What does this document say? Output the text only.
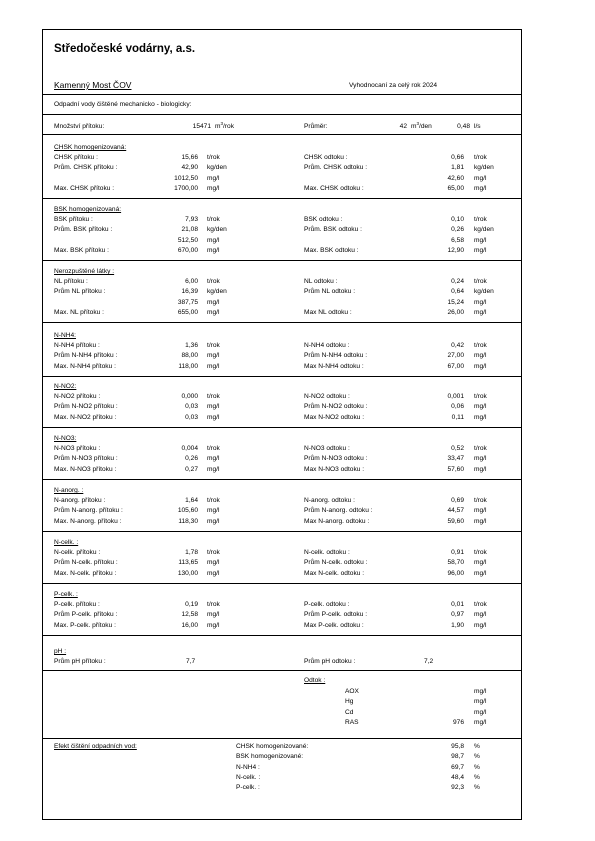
Středočeské vodárny, a.s.
Kamenný Most ČOV	Vyhodnocaní za celý rok 2024
Odpadní vody čištěné mechanicko - biologicky:
Množství přítoku:	15471 $m^3$/rok	Průměr:	42 $m^3$/den	0,48 l/s
CHSK homogenizovaná:
CHSK přítoku :	15,66 t/rok	CHSK odtoku :	0,66 t/rok
Prům. CHSK přítoku :	42,90 kg/den	Prům. CHSK odtoku :	1,81 kg/den
1012,50 mg/l	42,60 mg/l
Max. CHSK přítoku :	1700,00 mg/l	Max. CHSK odtoku :	65,00 mg/l
BSK homogenizovaná:
BSK přítoku :	7,93 t/rok	BSK odtoku :	0,10 t/rok
Prům. BSK přítoku :	21,08 kg/den	Prům. BSK odtoku :	0,26 kg/den
512,50 mg/l	6,58 mg/l
Max. BSK přítoku :	670,00 mg/l	Max. BSK odtoku :	12,90 mg/l
Nerozpuštěné látky :
NL přítoku :	6,00 t/rok	NL odtoku :	0,24 t/rok
Prům NL přítoku :	16,39 kg/den	Prům NL odtoku :	0,64 kg/den
387,75 mg/l	15,24 mg/l
Max. NL přítoku :	655,00 mg/l	Max NL odtoku :	26,00 mg/l
N-NH4:
N-NH4 přítoku :	1,36 t/rok	N-NH4 odtoku :	0,42 t/rok
Prům N-NH4 přítoku :	88,00 mg/l	Prům N-NH4 odtoku :	27,00 mg/l
Max. N-NH4 přítoku :	118,00 mg/l	Max N-NH4 odtoku :	67,00 mg/l
N-NO2:
N-NO2 přítoku :	0,000 t/rok	N-NO2 odtoku :	0,001 t/rok
Prům N-NO2 přítoku :	0,03 mg/l	Prům N-NO2 odtoku :	0,06 mg/l
Max. N-NO2 přítoku :	0,03 mg/l	Max N-NO2 odtoku :	0,11 mg/l
N-NO3:
N-NO3 přítoku :	0,004 t/rok	N-NO3 odtoku :	0,52 t/rok
Prům N-NO3 přítoku :	0,26 mg/l	Prům N-NO3 odtoku :	33,47 mg/l
Max. N-NO3 přítoku :	0,27 mg/l	Max N-NO3 odtoku :	57,60 mg/l
N-anorg. :
N-anorg. přítoku :	1,64 t/rok	N-anorg. odtoku :	0,69 t/rok
Prům N-anorg. přítoku :	105,60 mg/l	Prům N-anorg. odtoku :	44,57 mg/l
Max. N-anorg. přítoku :	118,30 mg/l	Max N-anorg. odtoku :	59,60 mg/l
N-celk. :
N-celk. přítoku :	1,78 t/rok	N-celk. odtoku :	0,91 t/rok
Prům N-celk. přítoku :	113,65 mg/l	Prům N-celk. odtoku :	58,70 mg/l
Max. N-celk. přítoku :	130,00 mg/l	Max N-celk. odtoku :	96,00 mg/l
P-celk. :
P-celk. přítoku :	0,19 t/rok	P-celk. odtoku :	0,01 t/rok
Prům P-celk. přítoku :	12,58 mg/l	Prům P-celk. odtoku :	0,97 mg/l
Max. P-celk. přítoku :	16,00 mg/l	Max P-celk. odtoku :	1,90 mg/l
pH :
Prům pH přítoku :	7,7	Prům pH odtoku :	7,2
Odtok :
AOX	mg/l
Hg	mg/l
Cd	mg/l
RAS	976 mg/l
Efekt čištění odpadních vod:	CHSK homogenizované:	95,8 %
BSK homogenizované:	98,7 %
N-NH4 :	69,7 %
N-celk. :	48,4 %
P-celk. :	92,3 %
